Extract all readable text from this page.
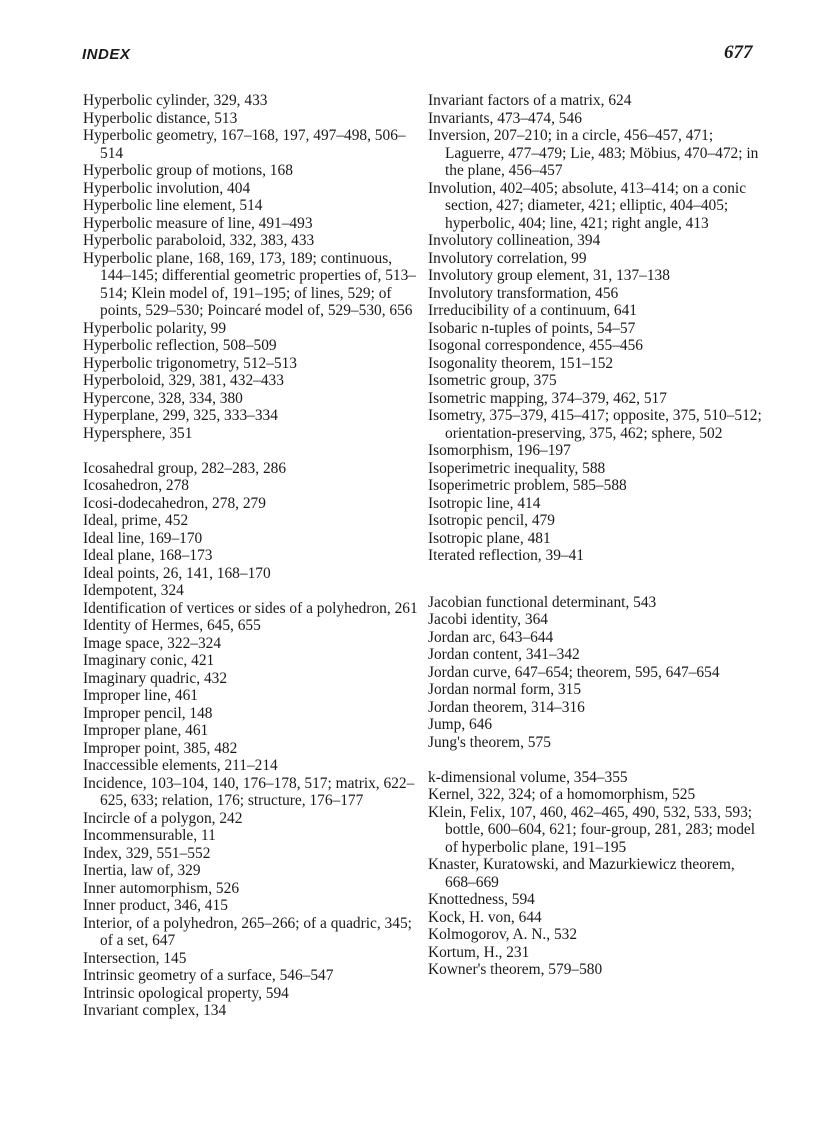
INDEX	677

Hyperbolic cylinder, 329, 433

Hyperbolic distance, 513

Hyperbolic geometry, 167–168, 197, 497–498, 506–514

Hyperbolic group of motions, 168

Hyperbolic involution, 404

Hyperbolic line element, 514

Hyperbolic measure of line, 491–493

Hyperbolic paraboloid, 332, 383, 433

Hyperbolic plane, 168, 169, 173, 189; continuous, 144–145; differential geometric properties of, 513–514; Klein model of, 191–195; of lines, 529; of points, 529–530; Poincaré model of, 529–530, 656

Hyperbolic polarity, 99

Hyperbolic reflection, 508–509

Hyperbolic trigonometry, 512–513

Hyperboloid, 329, 381, 432–433

Hypercone, 328, 334, 380

Hyperplane, 299, 325, 333–334

Hypersphere, 351

Icosahedral group, 282–283, 286

Icosahedron, 278

Icosi-dodecahedron, 278, 279

Ideal, prime, 452

Ideal line, 169–170

Ideal plane, 168–173

Ideal points, 26, 141, 168–170

Idempotent, 324

Identification of vertices or sides of a polyhedron, 261

Identity of Hermes, 645, 655

Image space, 322–324

Imaginary conic, 421

Imaginary quadric, 432

Improper line, 461

Improper pencil, 148

Improper plane, 461

Improper point, 385, 482

Inaccessible elements, 211–214

Incidence, 103–104, 140, 176–178, 517; matrix, 622–625, 633; relation, 176; structure, 176–177

Incircle of a polygon, 242

Incommensurable, 11

Index, 329, 551–552

Inertia, law of, 329

Inner automorphism, 526

Inner product, 346, 415

Interior, of a polyhedron, 265–266; of a quadric, 345; of a set, 647

Intersection, 145

Intrinsic geometry of a surface, 546–547

Intrinsic opological property, 594

Invariant complex, 134

Invariant factors of a matrix, 624

Invariants, 473–474, 546

Inversion, 207–210; in a circle, 456–457, 471; Laguerre, 477–479; Lie, 483; Möbius, 470–472; in the plane, 456–457

Involution, 402–405; absolute, 413–414; on a conic section, 427; diameter, 421; elliptic, 404–405; hyperbolic, 404; line, 421; right angle, 413

Involutory collineation, 394

Involutory correlation, 99

Involutory group element, 31, 137–138

Involutory transformation, 456

Irreducibility of a continuum, 641

Isobaric n-tuples of points, 54–57

Isogonal correspondence, 455–456

Isogonality theorem, 151–152

Isometric group, 375

Isometric mapping, 374–379, 462, 517

Isometry, 375–379, 415–417; opposite, 375, 510–512; orientation-preserving, 375, 462; sphere, 502

Isomorphism, 196–197

Isoperimetric inequality, 588

Isoperimetric problem, 585–588

Isotropic line, 414

Isotropic pencil, 479

Isotropic plane, 481

Iterated reflection, 39–41

Jacobian functional determinant, 543

Jacobi identity, 364

Jordan arc, 643–644

Jordan content, 341–342

Jordan curve, 647–654; theorem, 595, 647–654

Jordan normal form, 315

Jordan theorem, 314–316

Jump, 646

Jung's theorem, 575

k-dimensional volume, 354–355

Kernel, 322, 324; of a homomorphism, 525

Klein, Felix, 107, 460, 462–465, 490, 532, 533, 593; bottle, 600–604, 621; four-group, 281, 283; model of hyperbolic plane, 191–195

Knaster, Kuratowski, and Mazurkiewicz theorem, 668–669

Knottedness, 594

Kock, H. von, 644

Kolmogorov, A. N., 532

Kortum, H., 231

Kowner's theorem, 579–580
